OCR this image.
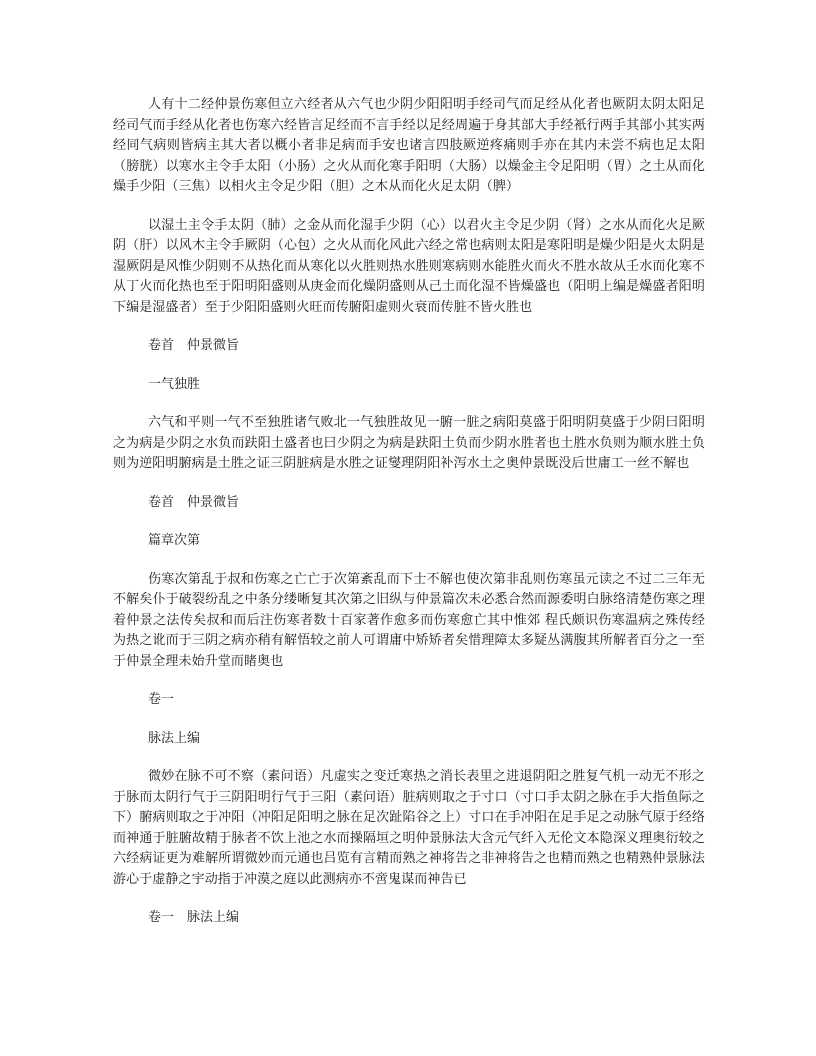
人有十二经仲景伤寒但立六经者从六气也少阴少阳阳明手经司气而足经从化者也厥阴太阴太阳足经司气而手经从化者也伤寒六经皆言足经而不言手经以足经周遍于身其部大手经衹行两手其部小其实两经同气病则皆病主其大者以概小者非足病而手安也诸言四肢厥逆疼痛则手亦在其内未尝不病也足太阳（膀胱）以寒水主令手太阳（小肠）之火从而化寒手阳明（大肠）以燥金主令足阳明（胃）之土从而化燥手少阳（三焦）以相火主令足少阳（胆）之木从而化火足太阴（脾）

以湿土主令手太阴（肺）之金从而化湿手少阴（心）以君火主令足少阴（肾）之水从而化火足厥阴（肝）以风木主令手厥阴（心包）之火从而化风此六经之常也病则太阳是寒阳明是燥少阳是火太阴是湿厥阴是风惟少阴则不从热化而从寒化以火胜则热水胜则寒病则水能胜火而火不胜水故从壬水而化寒不从丁火而化热也至于阳明阳盛则从庚金而化燥阴盛则从己土而化湿不皆燥盛也（阳明上编是燥盛者阳明下编是湿盛者）至于少阳阳盛则火旺而传腑阳虚则火衰而传脏不皆火胜也

卷首　仲景微旨
一气独胜

六气和平则一气不至独胜诸气败北一气独胜故见一腑一脏之病阳莫盛于阳明阴莫盛于少阴曰阳明之为病是少阴之水负而趺阳土盛者也曰少阴之为病是趺阳土负而少阴水胜者也土胜水负则为顺水胜土负则为逆阳明腑病是土胜之证三阴脏病是水胜之证燮理阴阳补泻水土之奥仲景既没后世庸工一丝不解也

卷首　仲景微旨
篇章次第

伤寒次第乱于叔和伤寒之亡亡于次第紊乱而下士不解也使次第非乱则伤寒虽元读之不过二三年无不解矣仆于破裂纷乱之中条分缕晰复其次第之旧纵与仲景篇次未必悉合然而源委明白脉络清楚伤寒之理着仲景之法传矣叔和而后注伤寒者数十百家著作愈多而伤寒愈亡其中惟郊 程氏颇识伤寒温病之殊传经为热之讹而于三阴之病亦稍有解悟较之前人可谓庸中矫矫者矣惜理障太多疑丛满腹其所解者百分之一至于仲景全理未始升堂而睹奥也

卷一
脉法上编

微妙在脉不可不察（素问语）凡虚实之变迁寒热之消长表里之进退阴阳之胜复气机一动无不形之于脉而太阴行气于三阴阳明行气于三阳（素问语）脏病则取之于寸口（寸口手太阴之脉在手大指鱼际之下）腑病则取之于冲阳（冲阳足阳明之脉在足次趾陷谷之上）寸口在手冲阳在足手足之动脉气原于经络而神通于脏腑故精于脉者不饮上池之水而操隔垣之明仲景脉法大含元气纤入无伦文本隐深义理奥衍较之六经病证更为难解所谓微妙而元通也吕览有言精而熟之神将告之非神将告之也精而熟之也精熟仲景脉法游心于虚静之宇动指于冲漠之庭以此测病亦不啻鬼谋而神告已

卷一　脉法上编
